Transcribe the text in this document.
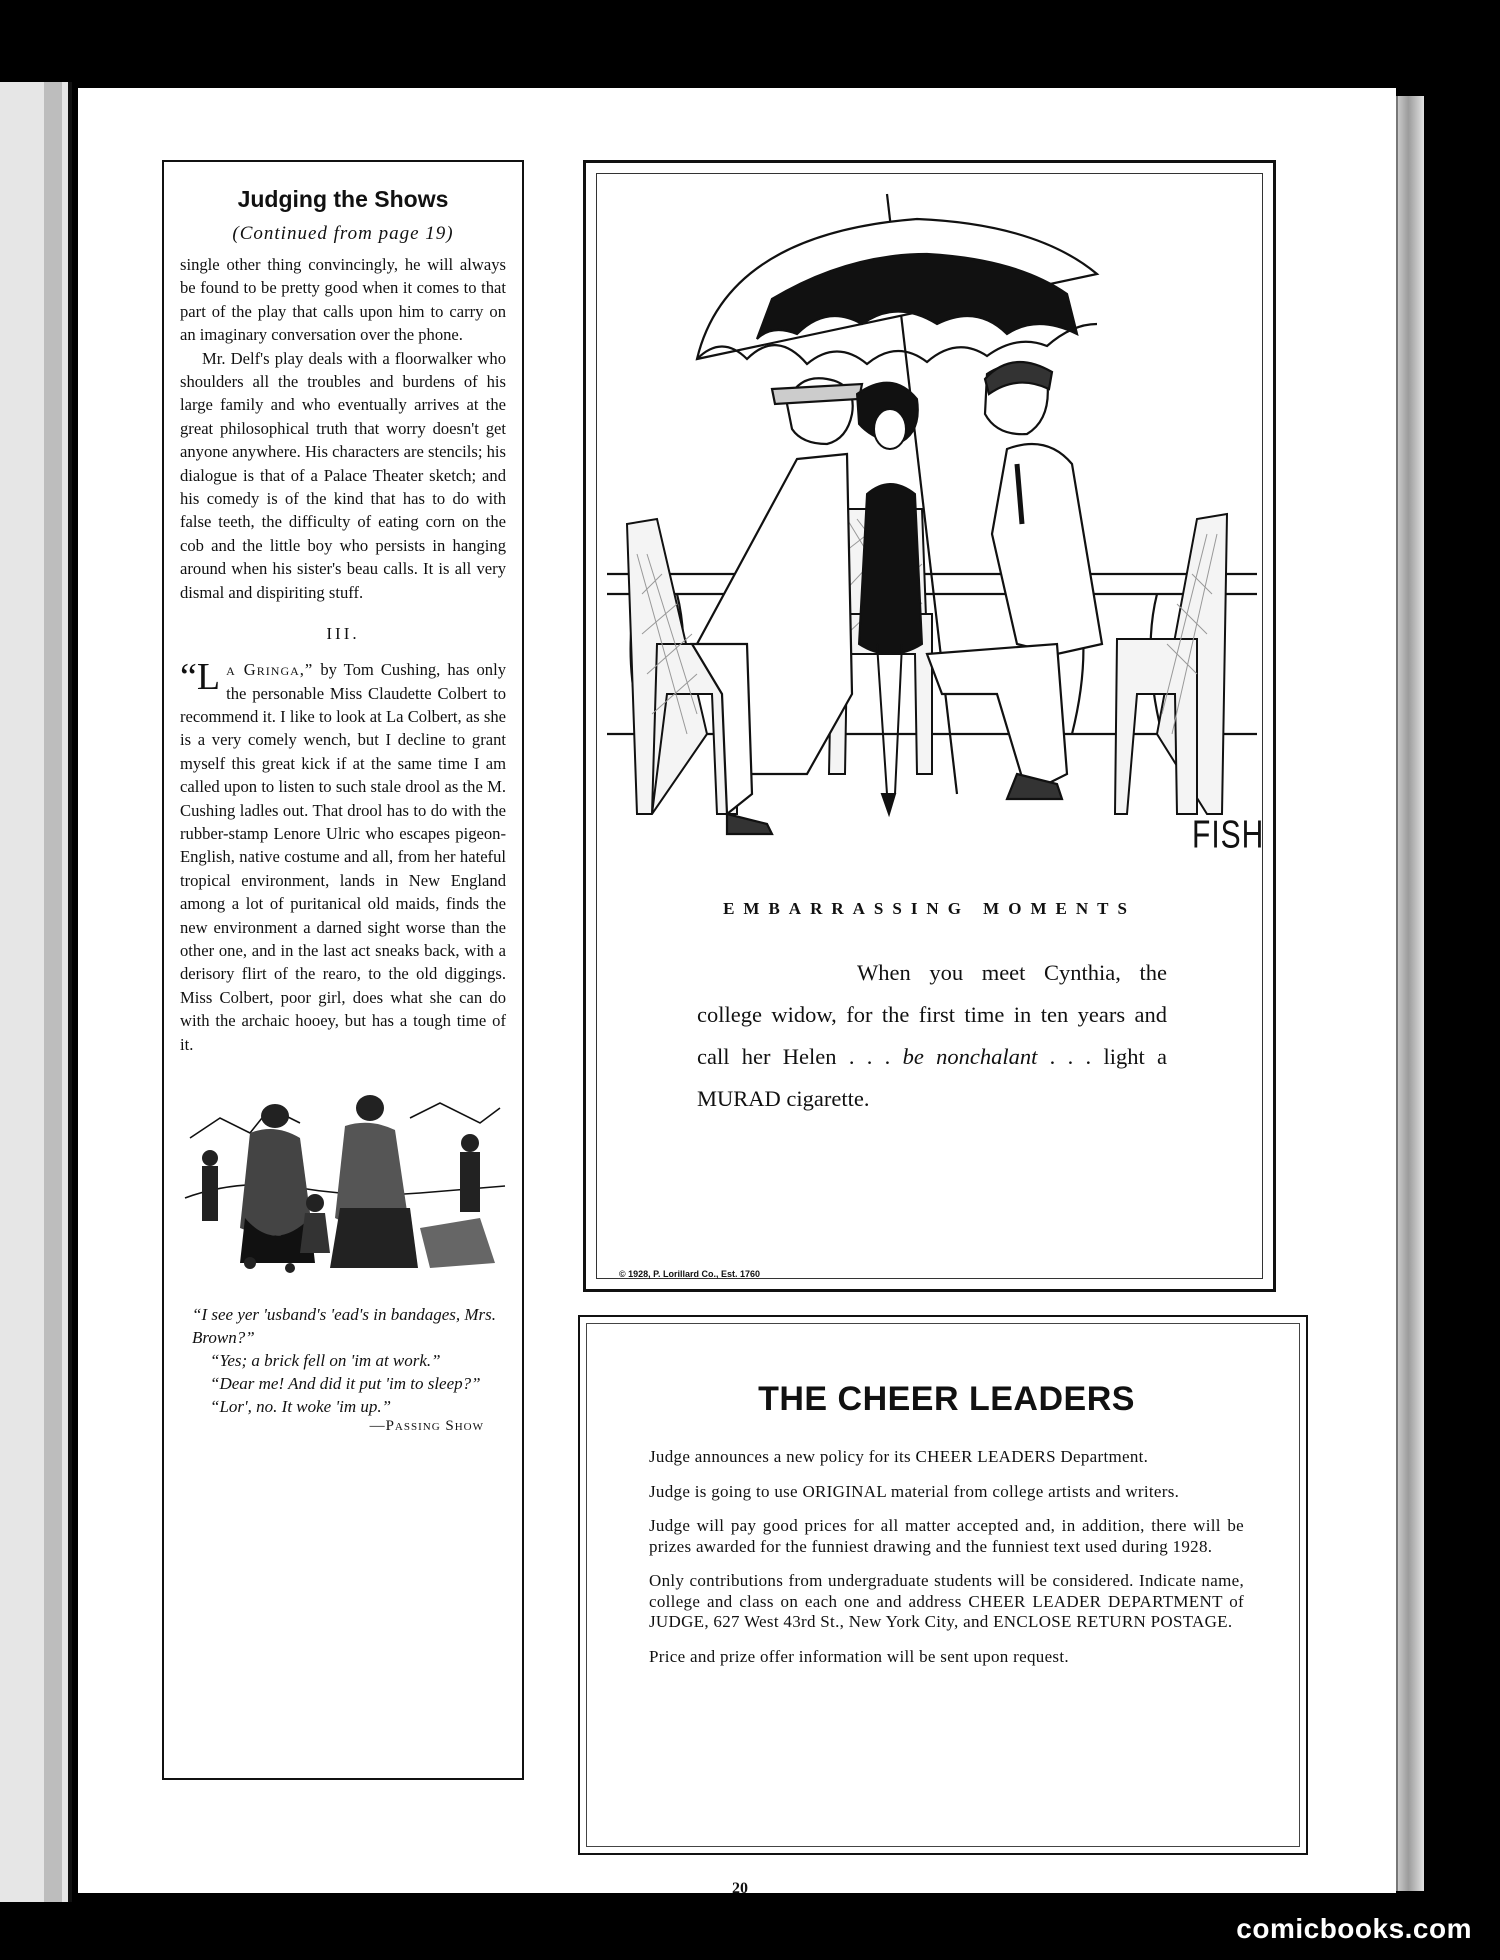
Judging the Shows
(Continued from page 19)

single other thing convincingly, he will always be found to be pretty good when it comes to that part of the play that calls upon him to carry on an imaginary conversation over the phone.

Mr. Delf's play deals with a floorwalker who shoulders all the troubles and burdens of his large family and who eventually arrives at the great philosophical truth that worry doesn't get anyone anywhere. His characters are stencils; his dialogue is that of a Palace Theater sketch; and his comedy is of the kind that has to do with false teeth, the difficulty of eating corn on the cob and the little boy who persists in hanging around when his sister's beau calls. It is all very dismal and dispiriting stuff.

III.

“L a Gringa,” by Tom Cushing, has only the personable Miss Claudette Colbert to recommend it. I like to look at La Colbert, as she is a very comely wench, but I decline to grant myself this great kick if at the same time I am called upon to listen to such stale drool as the M. Cushing ladles out. That drool has to do with the rubber-stamp Lenore Ulric who escapes pigeon-English, native costume and all, from her hateful tropical environment, lands in New England among a lot of puritanical old maids, finds the new environment a darned sight worse than the other one, and in the last act sneaks back, with a derisory flirt of the rearo, to the old diggings. Miss Colbert, poor girl, does what she can do with the archaic hooey, but has a tough time of it.

“I see yer 'usband's 'ead's in bandages, Mrs. Brown?”

“Yes; a brick fell on 'im at work.”

“Dear me! And did it put 'im to sleep?”

“Lor', no. It woke 'im up.”

—Passing Show
FISH
EMBARRASSING MOMENTS

When you meet Cynthia, the college widow, for the first time in ten years and call her Helen . . . be nonchalant . . . light a MURAD cigarette.

© 1928, P. Lorillard Co., Est. 1760
THE CHEER LEADERS
Judge announces a new policy for its CHEER LEADERS Department.
Judge is going to use ORIGINAL material from college artists and writers.
Judge will pay good prices for all matter accepted and, in addition, there will be prizes awarded for the funniest drawing and the funniest text used during 1928.
Only contributions from undergraduate students will be considered. Indicate name, college and class on each one and address CHEER LEADER DEPARTMENT of JUDGE, 627 West 43rd St., New York City, and ENCLOSE RETURN POSTAGE.
Price and prize offer information will be sent upon request.
20
comicbooks.com
